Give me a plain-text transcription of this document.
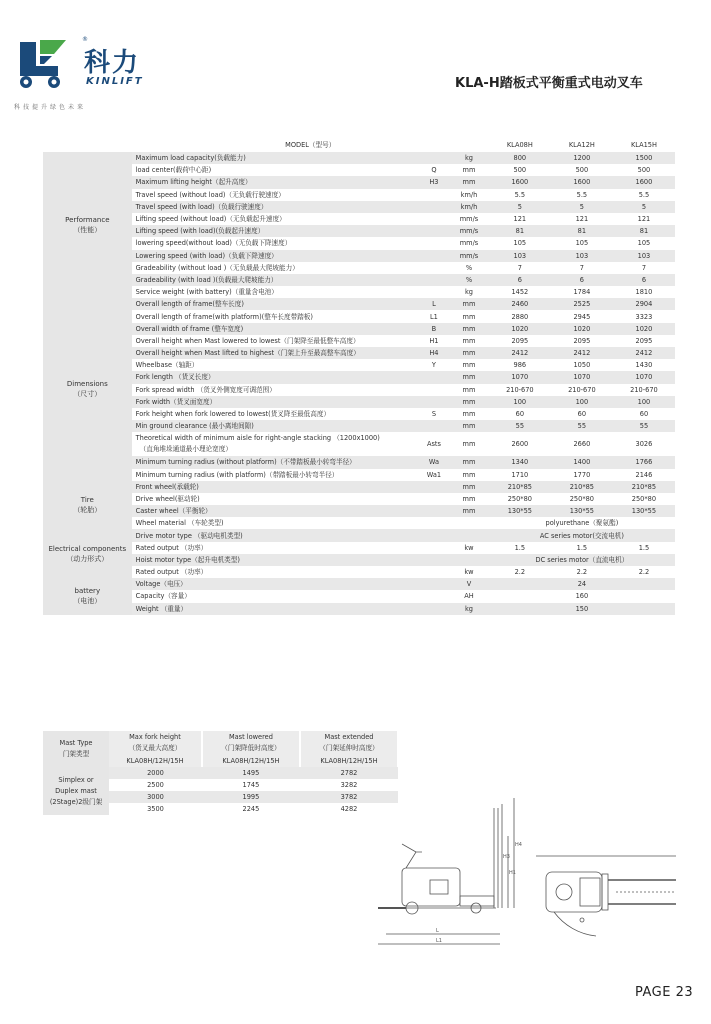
®
科力
KINLIFT
科技提升绿色未来
KLA-H踏板式平衡重式电动叉车
	MODEL（型号）			KLA08H	KLA12H	KLA15H
Performance
（性能）	Maximum load capacity(负载能力)		kg	800	1200	1500
	load center(载荷中心距)	Q	mm	500	500	500
	Maximum lifting height（起升高度）	H3	mm	1600	1600	1600
	Travel speed (without load)（无负载行驶速度）		km/h	5.5	5.5	5.5
	Travel speed (with load)（负载行驶速度）		km/h	5	5	5
	Lifting speed (without load)（无负载起升速度）		mm/s	121	121	121
	Lifting speed (with load)(负载起升速度）		mm/s	81	81	81
	lowering speed(without load)（无负载下降速度）		mm/s	105	105	105
	Lowering speed (with load)（负载下降速度）		mm/s	103	103	103
	Gradeability (without load )（无负载最大爬坡能力）		%	7	7	7
	Gradeability (with load )(负载最大爬坡能力）		%	6	6	6
	Service weight (with battery)（重量含电池）		kg	1452	1784	1810
Dimensions
（尺寸）	Overall length of frame(整车长度)	L	mm	2460	2525	2904
	Overall length of frame(with platform)(整车长度带踏板)	L1	mm	2880	2945	3323
	Overall width of frame (整车宽度)	B	mm	1020	1020	1020
	Overall height when Mast lowered to lowest（门架降至最低整车高度）	H1	mm	2095	2095	2095
	Overall height when Mast lifted to highest（门架上升至最高整车高度）	H4	mm	2412	2412	2412
	Wheelbase（轴距）	Y	mm	986	1050	1430
	Fork length （货叉长度）		mm	1070	1070	1070
	Fork spread width （货叉外侧宽度可调范围）		mm	210-670	210-670	210-670
	Fork width（货叉面宽度）		mm	100	100	100
	Fork height when fork lowered to lowest(货叉降至最低高度）	S	mm	60	60	60
	Min ground clearance (最小离地间隙)		mm	55	55	55

	Theoretical width of minimum aisle for right-angle stacking （1200x1000)
（直角堆垛通道最小理论宽度）	Asts	mm	2600	2660	3026
	Minimum turning radius (without platform)（不带踏板最小转弯半径）	Wa	mm	1340	1400	1766
	Minimum turning radius (with platform)（带踏板最小转弯半径）	Wa1	mm	1710	1770	2146
Tire
（轮胎）	Front wheel(承载轮)		mm	210*85	210*85	210*85
	Drive wheel(驱动轮)		mm	250*80	250*80	250*80
	Caster wheel（平衡轮）		mm	130*55	130*55	130*55
	Wheel material （车轮类型)			polyurethane（聚氨酯)		
Electrical components
（动力形式）	Drive motor type （驱动电机类型)			AC series motor(交流电机)		
	Rated output （功率）		kw	1.5	1.5	1.5
	Hoist motor type（起升电机类型)			DC series motor（直流电机）		
	Rated output （功率）		kw	2.2	2.2	2.2
battery
（电池）	Voltage（电压）		V	24		
	Capacity（容量）		AH	160		
	Weight （重量）		kg	150		
Mast Type
门架类型	Max fork height
（货叉最大高度）	Mast lowered
（门架降低时高度）	Mast extended
（门架延伸时高度）
	KLA08H/12H/15H	KLA08H/12H/15H	KLA08H/12H/15H
Simplex or
Duplex mast
(2Stage)2级门架	2000	1495	2782
	2500	1745	3282
	3000	1995	3782
	3500	2245	4282
H3
H1
H4
L
L1
PAGE 23
